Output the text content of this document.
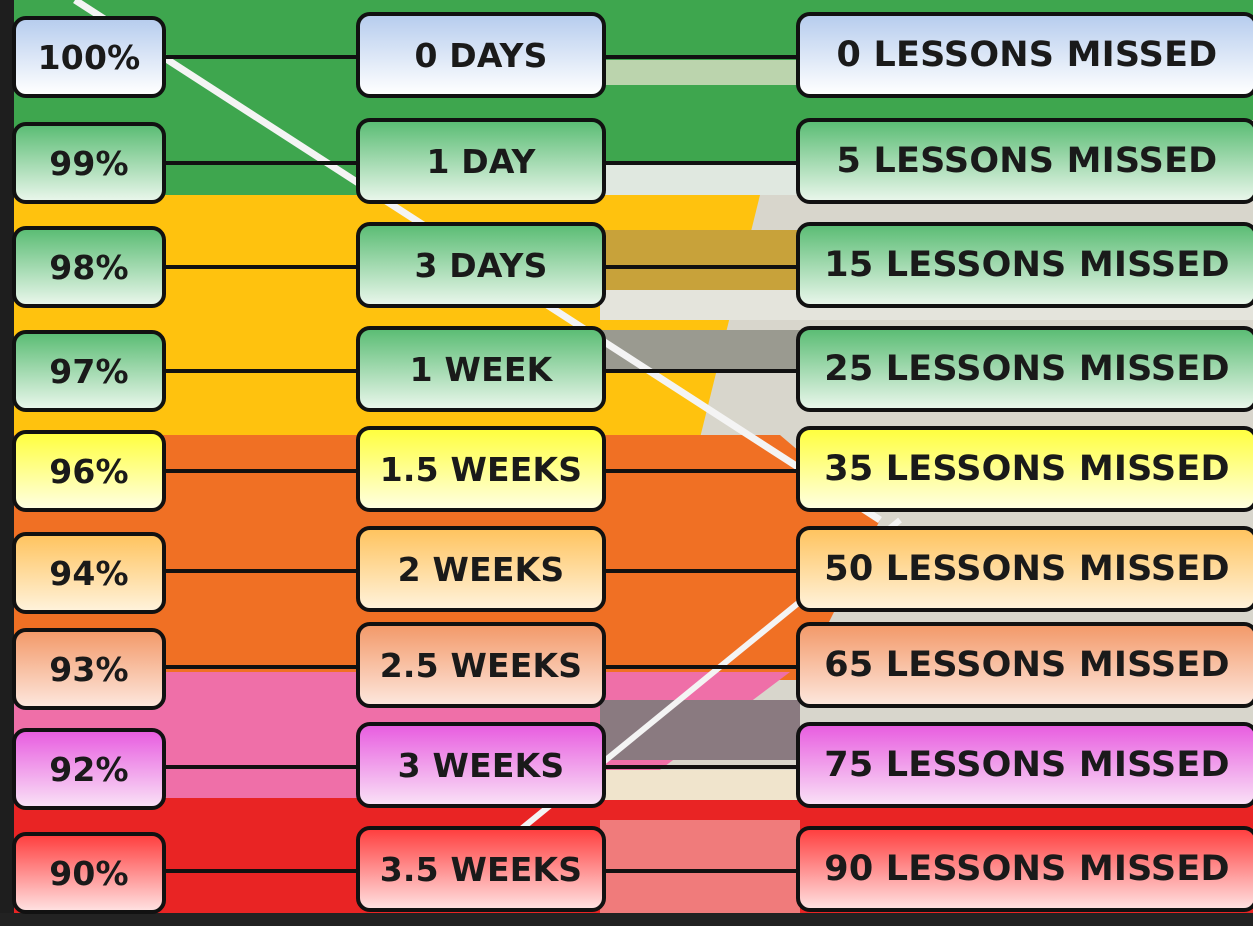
100%	0 DAYS	0 LESSONS MISSED
99%	1 DAY	5 LESSONS MISSED
98%	3 DAYS	15 LESSONS MISSED
97%	1 WEEK	25 LESSONS MISSED
96%	1.5 WEEKS	35 LESSONS MISSED
94%	2 WEEKS	50 LESSONS MISSED
93%	2.5 WEEKS	65 LESSONS MISSED
92%	3 WEEKS	75 LESSONS MISSED
90%	3.5 WEEKS	90 LESSONS MISSED
